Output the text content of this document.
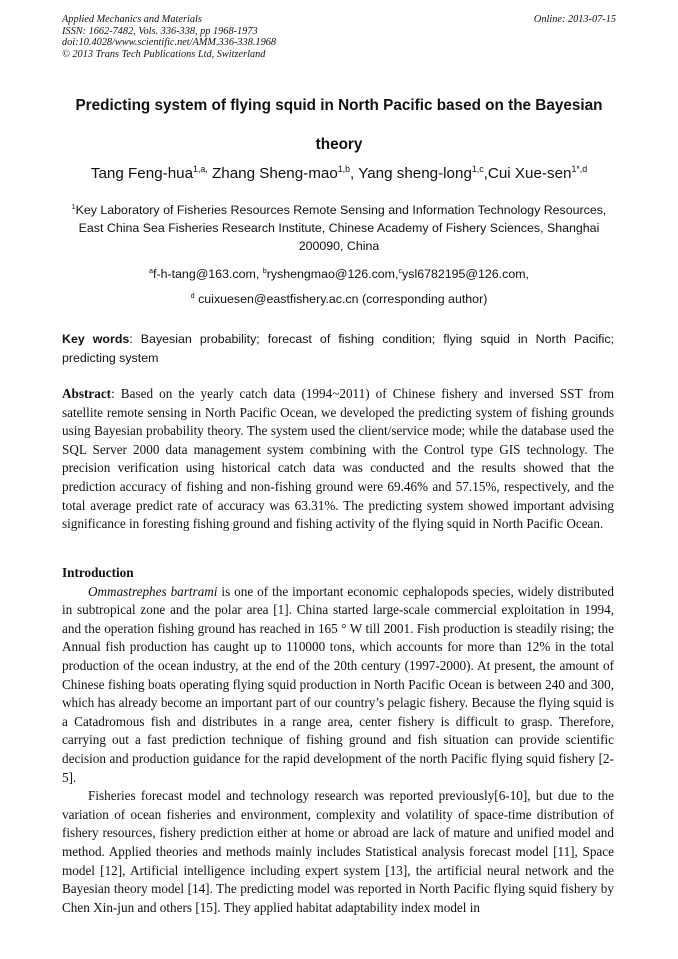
Applied Mechanics and Materials
ISSN: 1662-7482, Vols. 336-338, pp 1968-1973
doi:10.4028/www.scientific.net/AMM.336-338.1968
© 2013 Trans Tech Publications Ltd, Switzerland
Online: 2013-07-15
Predicting system of flying squid in North Pacific based on the Bayesian
theory
Tang Feng-hua$^{1,a,}$ Zhang Sheng-mao$^{1,b}$, Yang sheng-long$^{1,c}$,Cui Xue-sen$^{1*,d}$
$^1$Key Laboratory of Fisheries Resources Remote Sensing and Information Technology Resources,
East China Sea Fisheries Research Institute, Chinese Academy of Fishery Sciences, Shanghai
200090, China
$^a$f-h-tang@163.com, $^b$ryshengmao@126.com,$^c$ysl6782195@126.com,
$^d$ cuixuesen@eastfishery.ac.cn (corresponding author)
Key words: Bayesian probability; forecast of fishing condition; flying squid in North Pacific; predicting system
Abstract: Based on the yearly catch data (1994~2011) of Chinese fishery and inversed SST from satellite remote sensing in North Pacific Ocean, we developed the predicting system of fishing grounds using Bayesian probability theory. The system used the client/service mode; while the database used the SQL Server 2000 data management system combining with the Control type GIS technology. The precision verification using historical catch data was conducted and the results showed that the prediction accuracy of fishing and non-fishing ground were 69.46% and 57.15%, respectively, and the total average predict rate of accuracy was 63.31%. The predicting system showed important advising significance in foresting fishing ground and fishing activity of the flying squid in North Pacific Ocean.
Introduction

Ommastrephes bartrami is one of the important economic cephalopods species, widely distributed in subtropical zone and the polar area [1]. China started large-scale commercial exploitation in 1994, and the operation fishing ground has reached in 165 ° W till 2001. Fish production is steadily rising; the Annual fish production has caught up to 110000 tons, which accounts for more than 12% in the total production of the ocean industry, at the end of the 20th century (1997-2000). At present, the amount of Chinese fishing boats operating flying squid production in North Pacific Ocean is between 240 and 300, which has already become an important part of our country’s pelagic fishery. Because the flying squid is a Catadromous fish and distributes in a range area, center fishery is difficult to grasp. Therefore, carrying out a fast prediction technique of fishing ground and fish situation can provide scientific decision and production guidance for the rapid development of the north Pacific flying squid fishery [2-5].

Fisheries forecast model and technology research was reported previously[6-10], but due to the variation of ocean fisheries and environment, complexity and volatility of space-time distribution of fishery resources, fishery prediction either at home or abroad are lack of mature and unified model and method. Applied theories and methods mainly includes Statistical analysis forecast model [11], Space model [12], Artificial intelligence including expert system [13], the artificial neural network and the Bayesian theory model [14]. The predicting model was reported in North Pacific flying squid fishery by Chen Xin-jun and others [15]. They applied habitat adaptability index model in
